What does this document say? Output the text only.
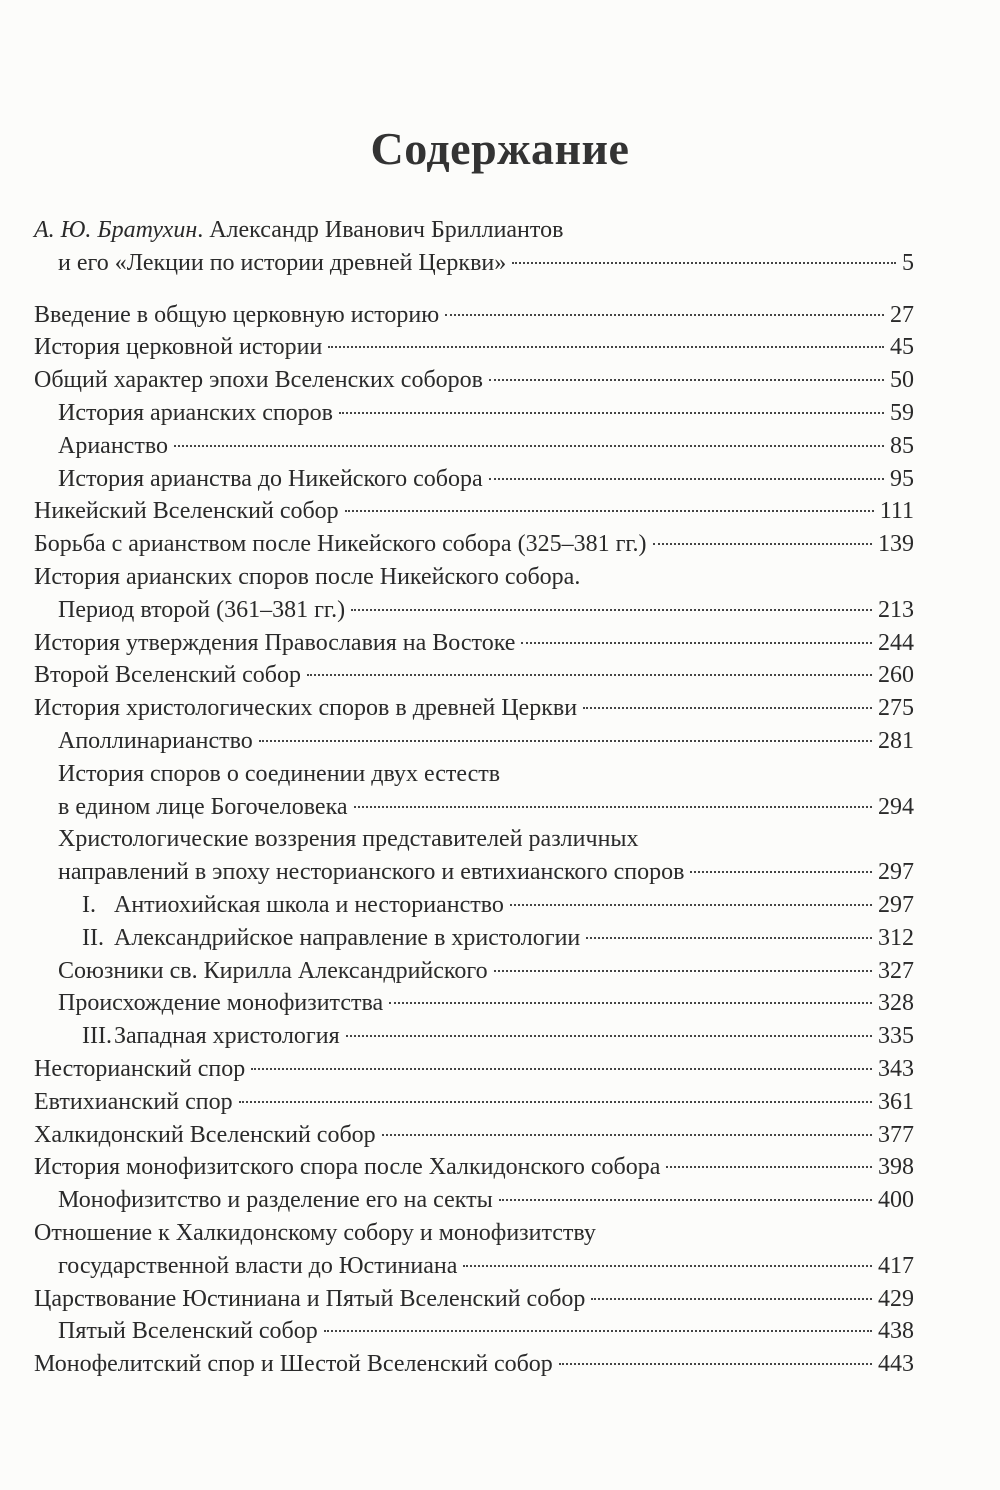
Содержание
А. Ю. Братухин. Александр Иванович Бриллиантов
и его «Лекции по истории древней Церкви»	5
Введение в общую церковную историю	27
История церковной истории	45
Общий характер эпохи Вселенских соборов	50
История арианских споров	59
Арианство	85
История арианства до Никейского собора	95
Никейский Вселенский собор	111
Борьба с арианством после Никейского собора (325–381 гг.)	139
История арианских споров после Никейского собора.
Период второй (361–381 гг.)	213
История утверждения Православия на Востоке	244
Второй Вселенский собор	260
История христологических споров в древней Церкви	275
Аполлинарианство	281
История споров о соединении двух естеств
в едином лице Богочеловека	294
Христологические воззрения представителей различных
направлений в эпоху несторианского и евтихианского споров	297
I. Антиохийская школа и несторианство	297
II. Александрийское направление в христологии	312
Союзники св. Кирилла Александрийского	327
Происхождение монофизитства	328
III.Западная христология	335
Несторианский спор	343
Евтихианский спор	361
Халкидонский Вселенский собор	377
История монофизитского спора после Халкидонского собора	398
Монофизитство и разделение его на секты	400
Отношение к Халкидонскому собору и монофизитству
государственной власти до Юстиниана	417
Царствование Юстиниана и Пятый Вселенский собор	429
Пятый Вселенский собор	438
Монофелитский спор и Шестой Вселенский собор	443
